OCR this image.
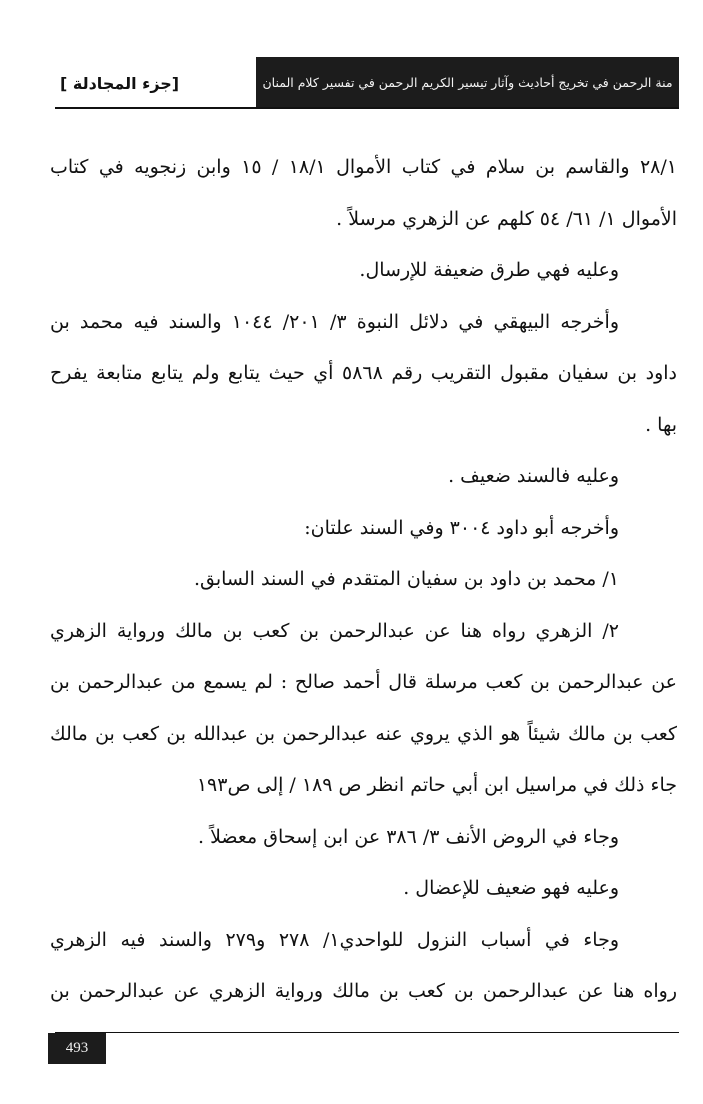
منة الرحمن في تخريج أحاديث وآثار تيسير الكريم الرحمن في تفسير كلام المنان
[جزء المجادلة ]
٢٨/١ والقاسم بن سلام في كتاب الأموال ١٨/١ / ١٥ وابن زنجويه في كتاب
الأموال ١/ ٦١/ ٥٤ كلهم عن الزهري مرسلاً .
وعليه فهي طرق ضعيفة للإرسال.
وأخرجه البيهقي في دلائل النبوة ٣/ ٢٠١/ ١٠٤٤ والسند فيه محمد بن
داود بن سفيان مقبول التقريب رقم ٥٨٦٨ أي حيث يتابع ولم يتابع متابعة يفرح
بها .
وعليه فالسند ضعيف .
وأخرجه أبو داود ٣٠٠٤ وفي السند علتان:
١/ محمد بن داود بن سفيان المتقدم في السند السابق.
٢/ الزهري رواه هنا عن عبدالرحمن بن كعب بن مالك ورواية الزهري
عن عبدالرحمن بن كعب مرسلة قال أحمد صالح : لم يسمع من عبدالرحمن بن
كعب بن مالك شيئاً هو الذي يروي عنه عبدالرحمن بن عبدالله بن كعب بن مالك
جاء ذلك في مراسيل ابن أبي حاتم انظر ص ١٨٩ / إلى ص١٩٣
وجاء في الروض الأنف ٣/ ٣٨٦ عن ابن إسحاق معضلاً .
وعليه فهو ضعيف للإعضال .
وجاء في أسباب النزول للواحدي١/ ٢٧٨ و٢٧٩ والسند فيه الزهري
رواه هنا عن عبدالرحمن بن كعب بن مالك ورواية الزهري عن عبدالرحمن بن
493
